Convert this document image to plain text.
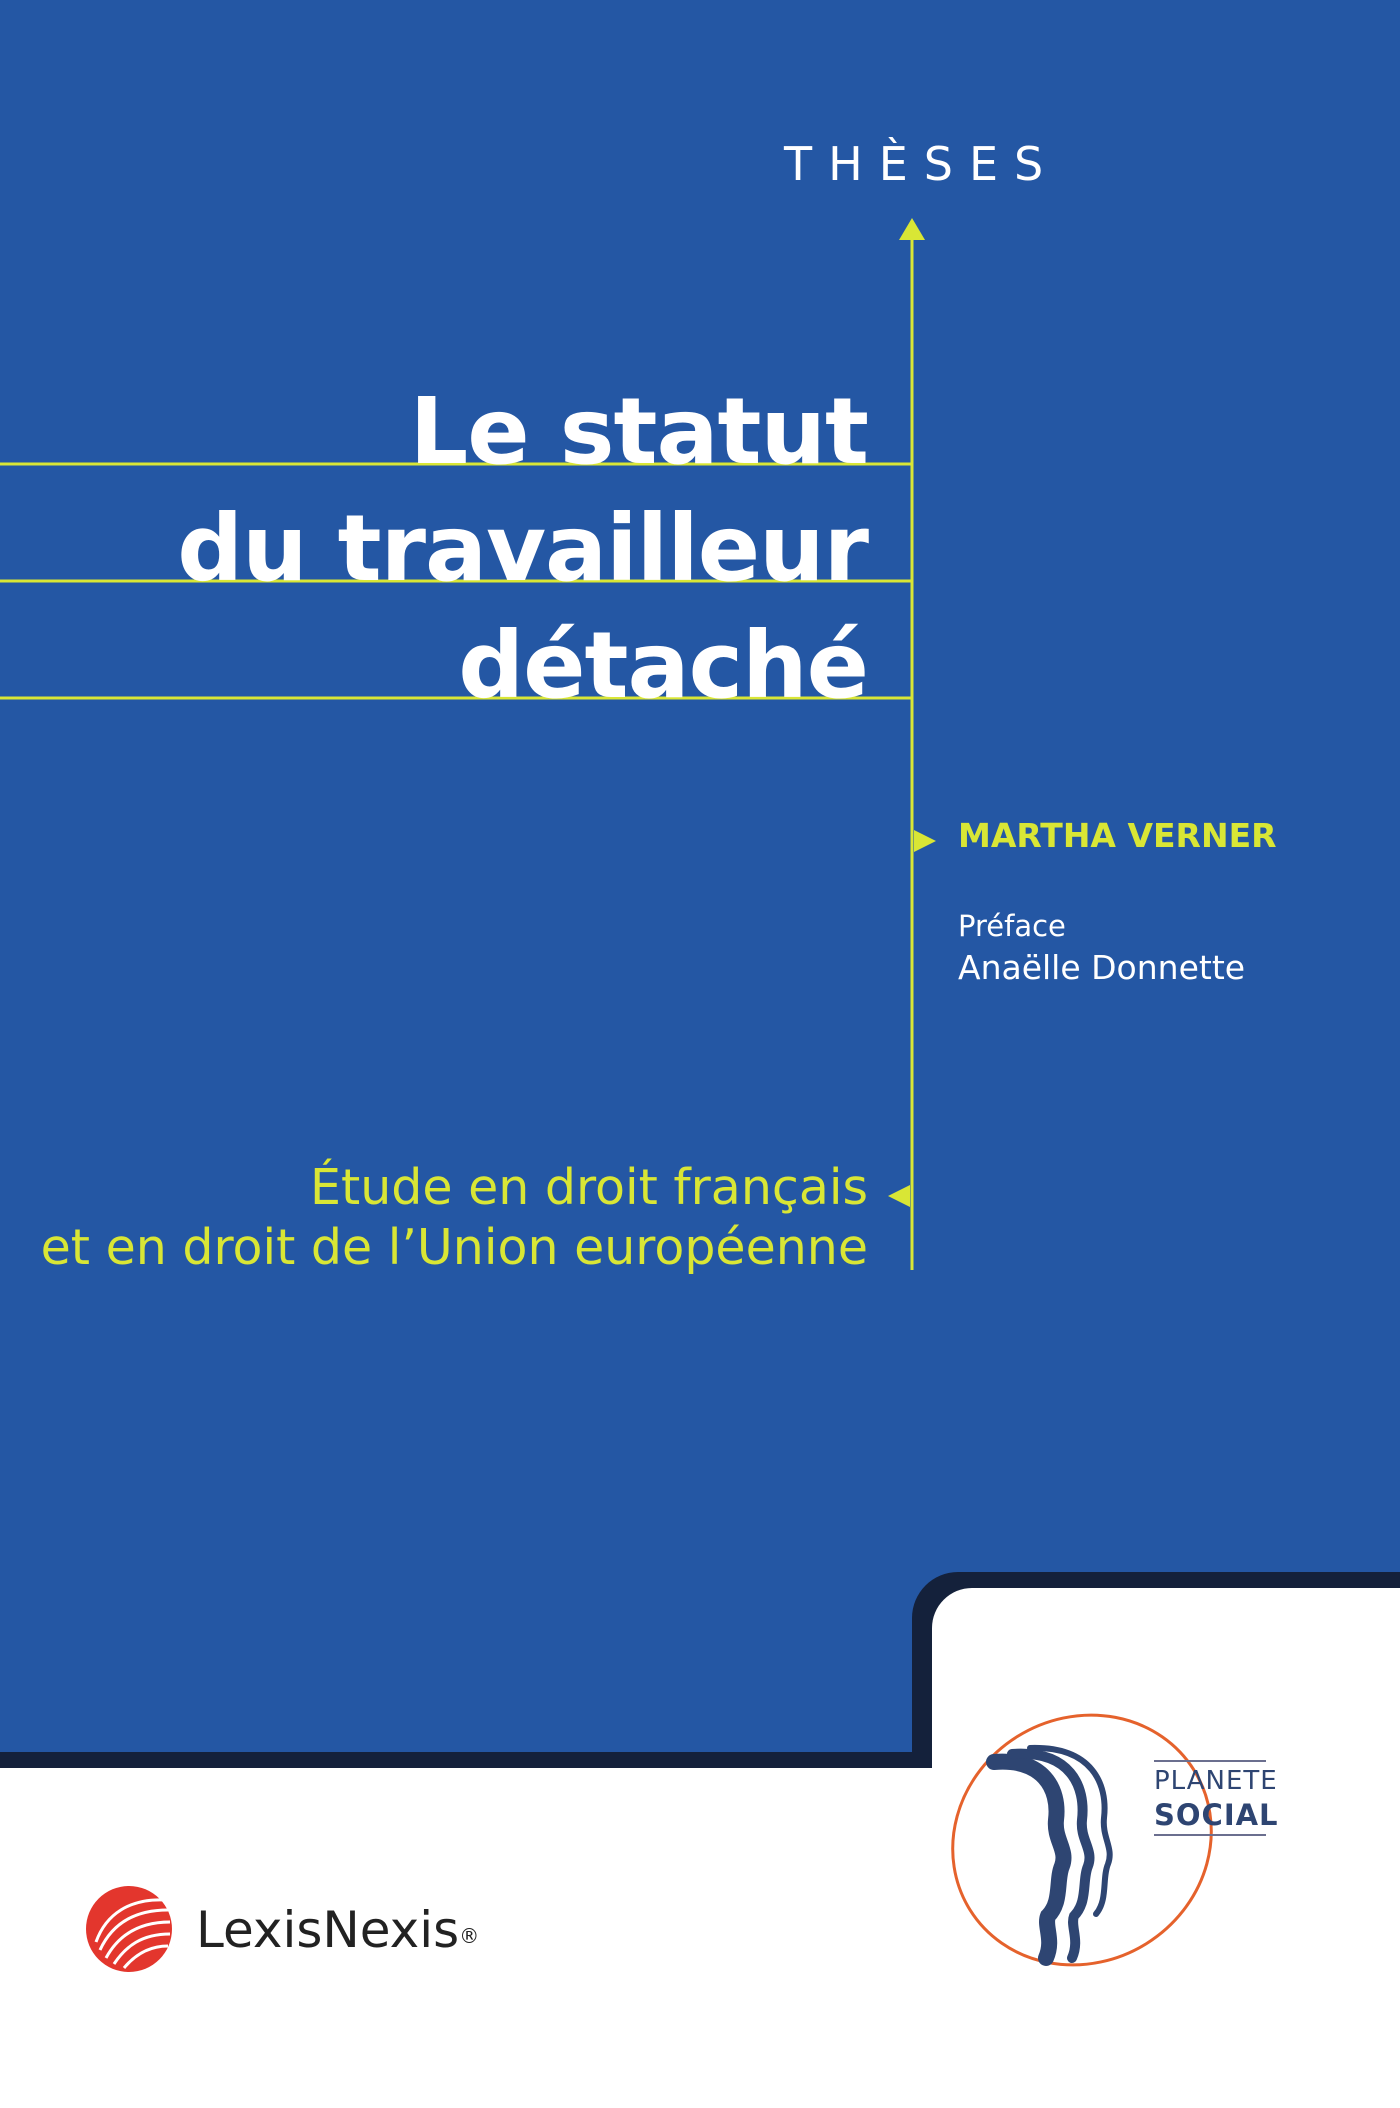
THÈSES
Le statut
du travailleur
détaché
MARTHA VERNER
Préface
Anaëlle Donnette
Étude en droit français
et en droit de l’Union européenne
LexisNexis®
PLANETE
SOCIAL
